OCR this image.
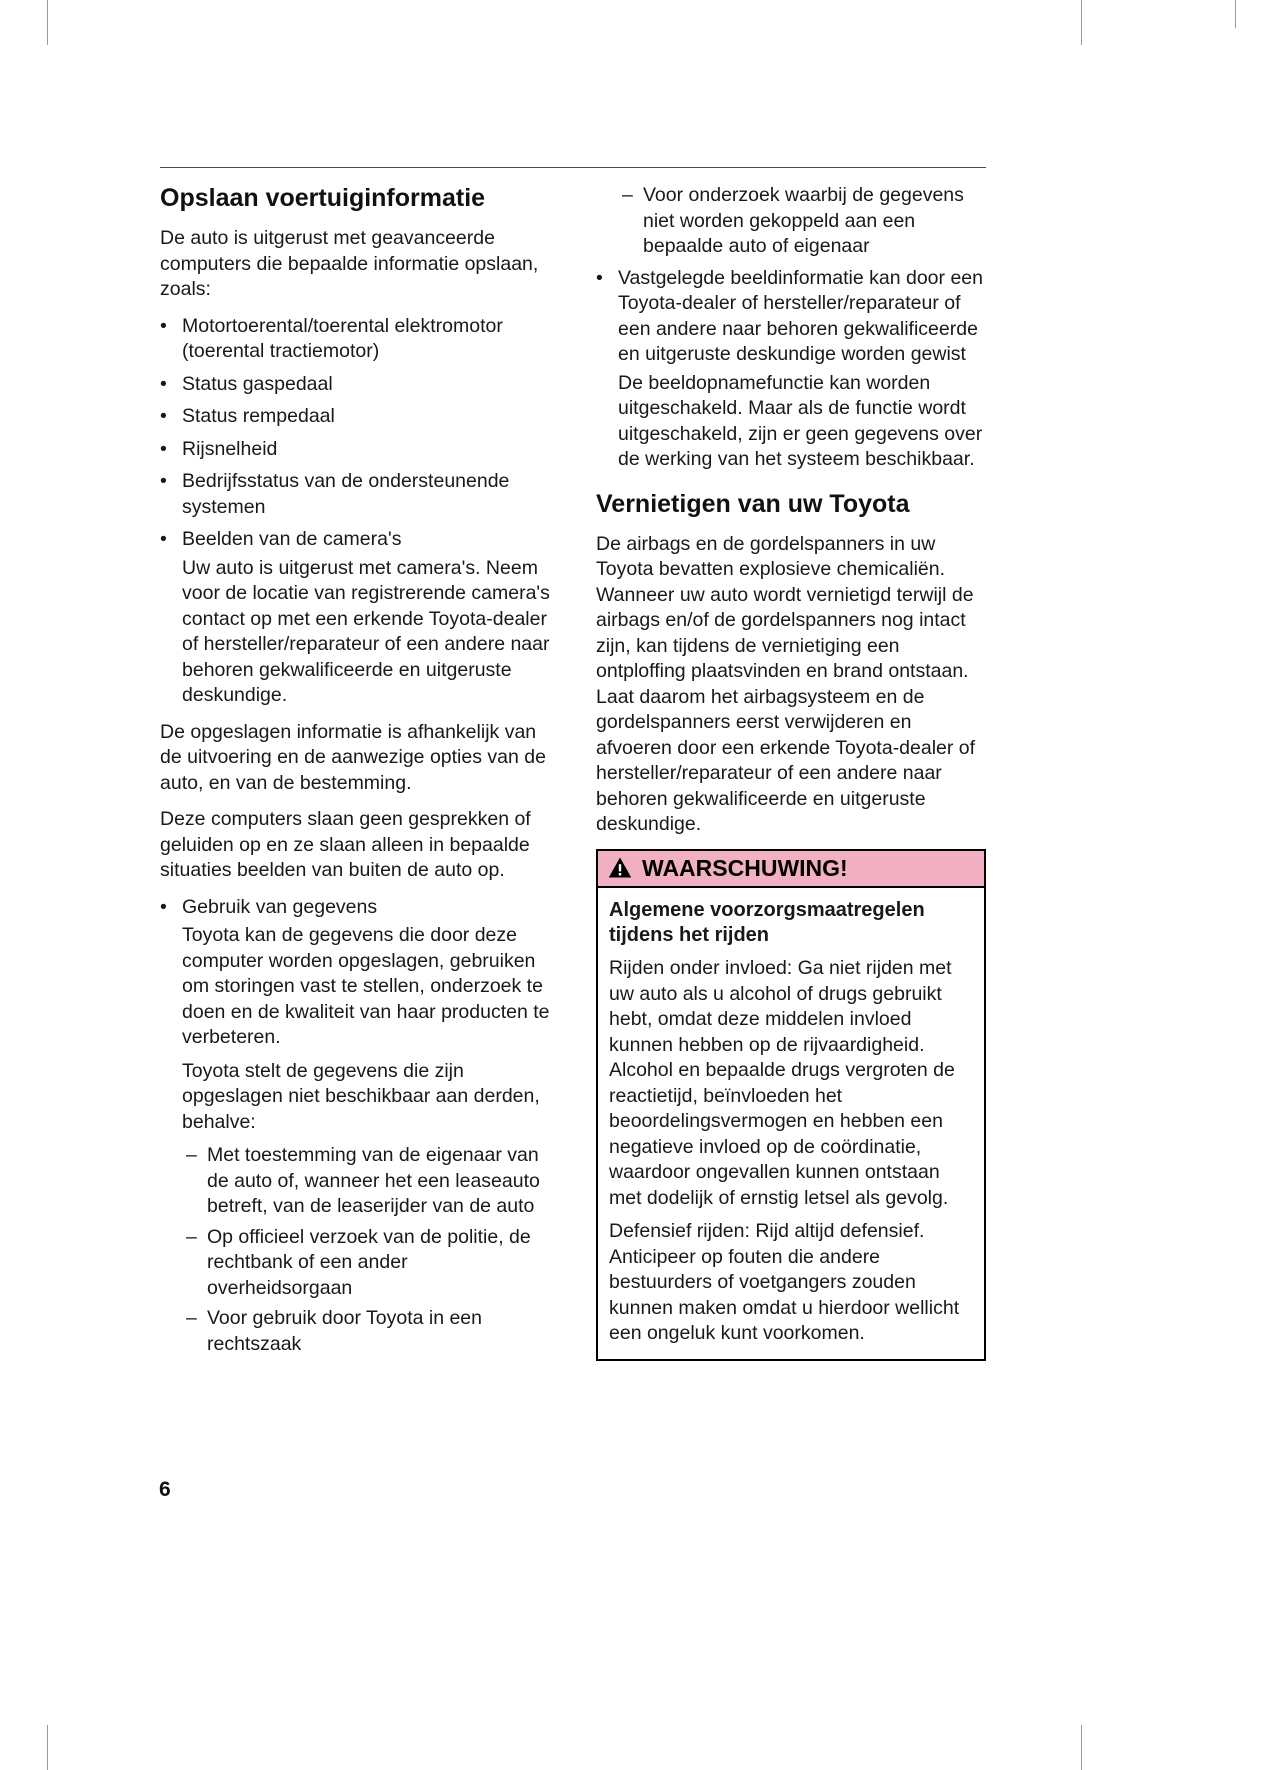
Opslaan voertuiginformatie

De auto is uitgerust met geavanceerde computers die bepaalde informatie opslaan, zoals:

• Motortoerental/toerental elektromotor (toerental tractiemotor)
• Status gaspedaal
• Status rempedaal
• Rijsnelheid
• Bedrijfsstatus van de ondersteunende systemen
• Beelden van de camera's

Uw auto is uitgerust met camera's. Neem voor de locatie van registrerende camera's contact op met een erkende Toyota-dealer of hersteller/reparateur of een andere naar behoren gekwalificeerde en uitgeruste deskundige.

De opgeslagen informatie is afhankelijk van de uitvoering en de aanwezige opties van de auto, en van de bestemming.

Deze computers slaan geen gesprekken of geluiden op en ze slaan alleen in bepaalde situaties beelden van buiten de auto op.

• Gebruik van gegevens

Toyota kan de gegevens die door deze computer worden opgeslagen, gebruiken om storingen vast te stellen, onderzoek te doen en de kwaliteit van haar producten te verbeteren.

Toyota stelt de gegevens die zijn opgeslagen niet beschikbaar aan derden, behalve:

– Met toestemming van de eigenaar van de auto of, wanneer het een leaseauto betreft, van de leaserijder van de auto
– Op officieel verzoek van de politie, de rechtbank of een ander overheidsorgaan
– Voor gebruik door Toyota in een rechtszaak
– Voor onderzoek waarbij de gegevens niet worden gekoppeld aan een bepaalde auto of eigenaar
• Vastgelegde beeldinformatie kan door een Toyota-dealer of hersteller/reparateur of een andere naar behoren gekwalificeerde en uitgeruste deskundige worden gewist

De beeldopnamefunctie kan worden uitgeschakeld. Maar als de functie wordt uitgeschakeld, zijn er geen gegevens over de werking van het systeem beschikbaar.

Vernietigen van uw Toyota

De airbags en de gordelspanners in uw Toyota bevatten explosieve chemicaliën. Wanneer uw auto wordt vernietigd terwijl de airbags en/of de gordelspanners nog intact zijn, kan tijdens de vernietiging een ontploffing plaatsvinden en brand ontstaan. Laat daarom het airbagsysteem en de gordelspanners eerst verwijderen en afvoeren door een erkende Toyota-dealer of hersteller/reparateur of een andere naar behoren gekwalificeerde en uitgeruste deskundige.

WAARSCHUWING!

Algemene voorzorgsmaatregelen tijdens het rijden

Rijden onder invloed: Ga niet rijden met uw auto als u alcohol of drugs gebruikt hebt, omdat deze middelen invloed kunnen hebben op de rijvaardigheid. Alcohol en bepaalde drugs vergroten de reactietijd, beïnvloeden het beoordelingsvermogen en hebben een negatieve invloed op de coördinatie, waardoor ongevallen kunnen ontstaan met dodelijk of ernstig letsel als gevolg.

Defensief rijden: Rijd altijd defensief. Anticipeer op fouten die andere bestuurders of voetgangers zouden kunnen maken omdat u hierdoor wellicht een ongeluk kunt voorkomen.

6
